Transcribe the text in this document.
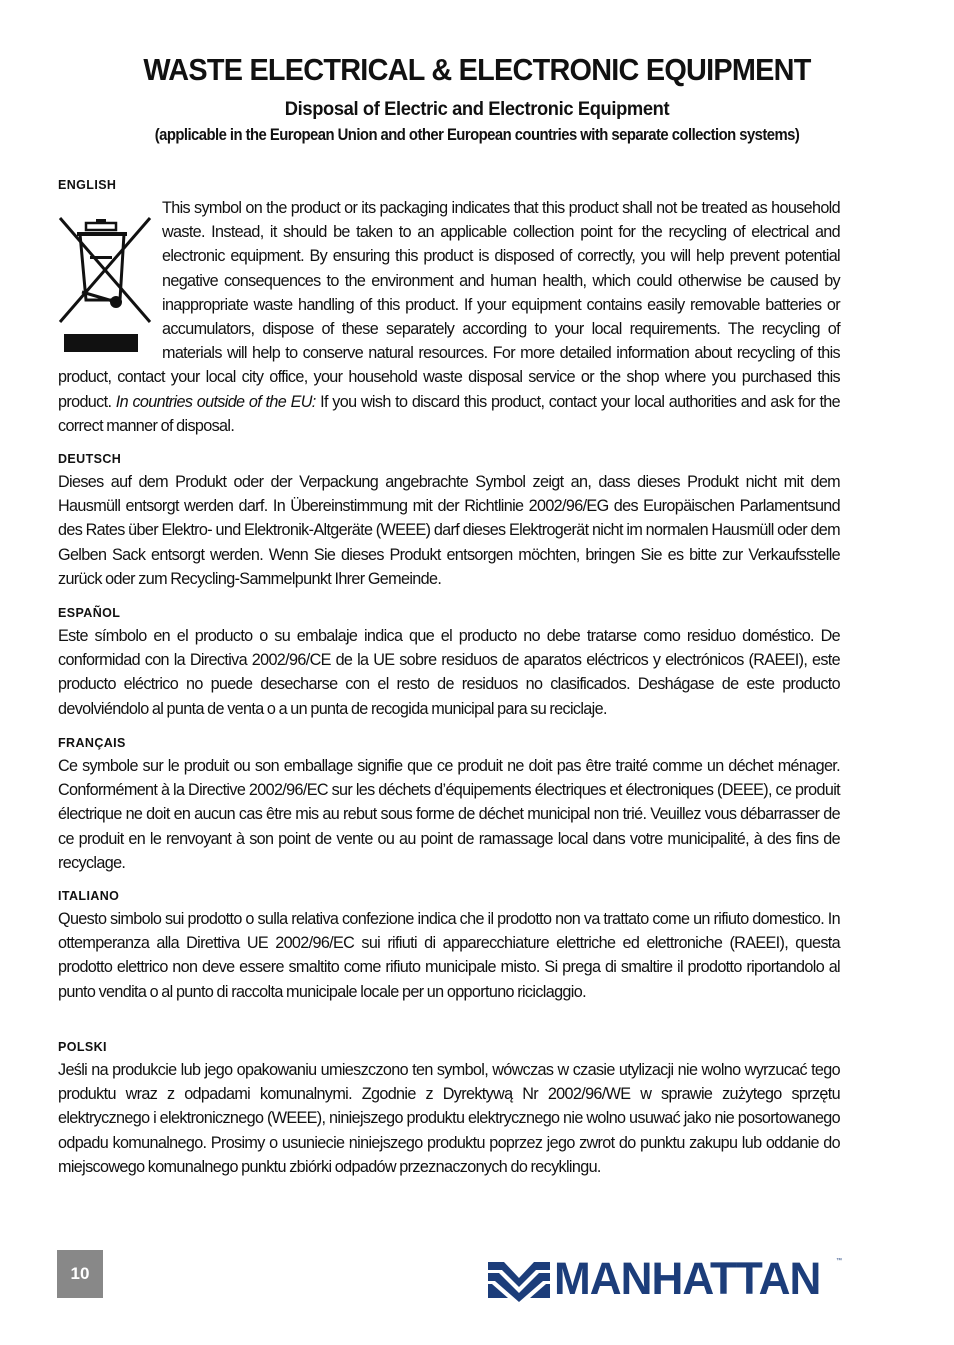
WASTE ELECTRICAL & ELECTRONIC EQUIPMENT
Disposal of Electric and Electronic Equipment
(applicable in the European Union and other European countries with separate collection systems)
ENGLISH

This symbol on the product or its packaging indicates that this product shall not be treated as household waste. Instead, it should be taken to an applicable collection point for the recycling of electrical and electronic equipment. By ensuring this product is disposed of correctly, you will help prevent potential negative consequences to the environment and human health, which could otherwise be caused by inappropriate waste handling of this product. If your equipment contains easily removable batteries or accumulators, dispose of these separately according to your local requirements. The recycling of materials will help to conserve natural resources. For more detailed information about recycling of this product, contact your local city office, your household waste disposal service or the shop where you purchased this product. In countries outside of the EU: If you wish to discard this product, contact your local authorities and ask for the correct manner of disposal.

DEUTSCH

Dieses auf dem Produkt oder der Verpackung angebrachte Symbol zeigt an, dass dieses Produkt nicht mit dem Hausmüll entsorgt werden darf. In Übereinstimmung mit der Richtlinie 2002/96/EG des Europäischen Parlamentsund des Rates über Elektro- und Elektronik-Altgeräte (WEEE) darf dieses Elektrogerät nicht im normalen Hausmüll oder dem Gelben Sack entsorgt werden. Wenn Sie dieses Produkt entsorgen möchten, bringen Sie es bitte zur Verkaufsstelle zurück oder zum Recycling-Sammelpunkt Ihrer Gemeinde.

ESPAÑOL

Este símbolo en el producto o su embalaje indica que el producto no debe tratarse como residuo doméstico. De conformidad con la Directiva 2002/96/CE de la UE sobre residuos de aparatos eléctricos y electrónicos (RAEEI), este producto eléctrico no puede desecharse con el resto de residuos no clasificados. Deshágase de este producto devolviéndolo al punta de venta o a un punta de recogida municipal para su reciclaje.

FRANÇAIS

Ce symbole sur le produit ou son emballage signifie que ce produit ne doit pas être traité comme un déchet ménager. Conformément à la Directive 2002/96/EC sur les déchets d’équipements électriques et électroniques (DEEE), ce produit électrique ne doit en aucun cas être mis au rebut sous forme de déchet municipal non trié. Veuillez vous débarrasser de ce produit en le renvoyant à son point de vente ou au point de ramassage local dans votre municipalité, à des fins de recyclage.

ITALIANO

Questo simbolo sui prodotto o sulla relativa confezione indica che il prodotto non va trattato come un rifiuto domestico. In ottemperanza alla Direttiva UE 2002/96/EC sui rifiuti di apparecchiature elettriche ed elettroniche (RAEEI), questa prodotto elettrico non deve essere smaltito come rifiuto municipale misto. Si prega di smaltire il prodotto riportandolo al punto vendita o al punto di raccolta municipale locale per un opportuno riciclaggio.

POLSKI

Jeśli na produkcie lub jego opakowaniu umieszczono ten symbol, wówczas w czasie utylizacji nie wolno wyrzucać tego produktu wraz z odpadami komunalnymi. Zgodnie z Dyrektywą Nr 2002/96/WE w sprawie zużytego sprzętu elektrycznego i elektronicznego (WEEE), niniejszego produktu elektrycznego nie wolno usuwać jako nie posortowanego odpadu komunalnego. Prosimy o usuniecie niniejszego produktu poprzez jego zwrot do punktu zakupu lub oddanie do miejscowego komunalnego punktu zbiórki odpadów przeznaczonych do recyklingu.

10	MANHATTAN	™
